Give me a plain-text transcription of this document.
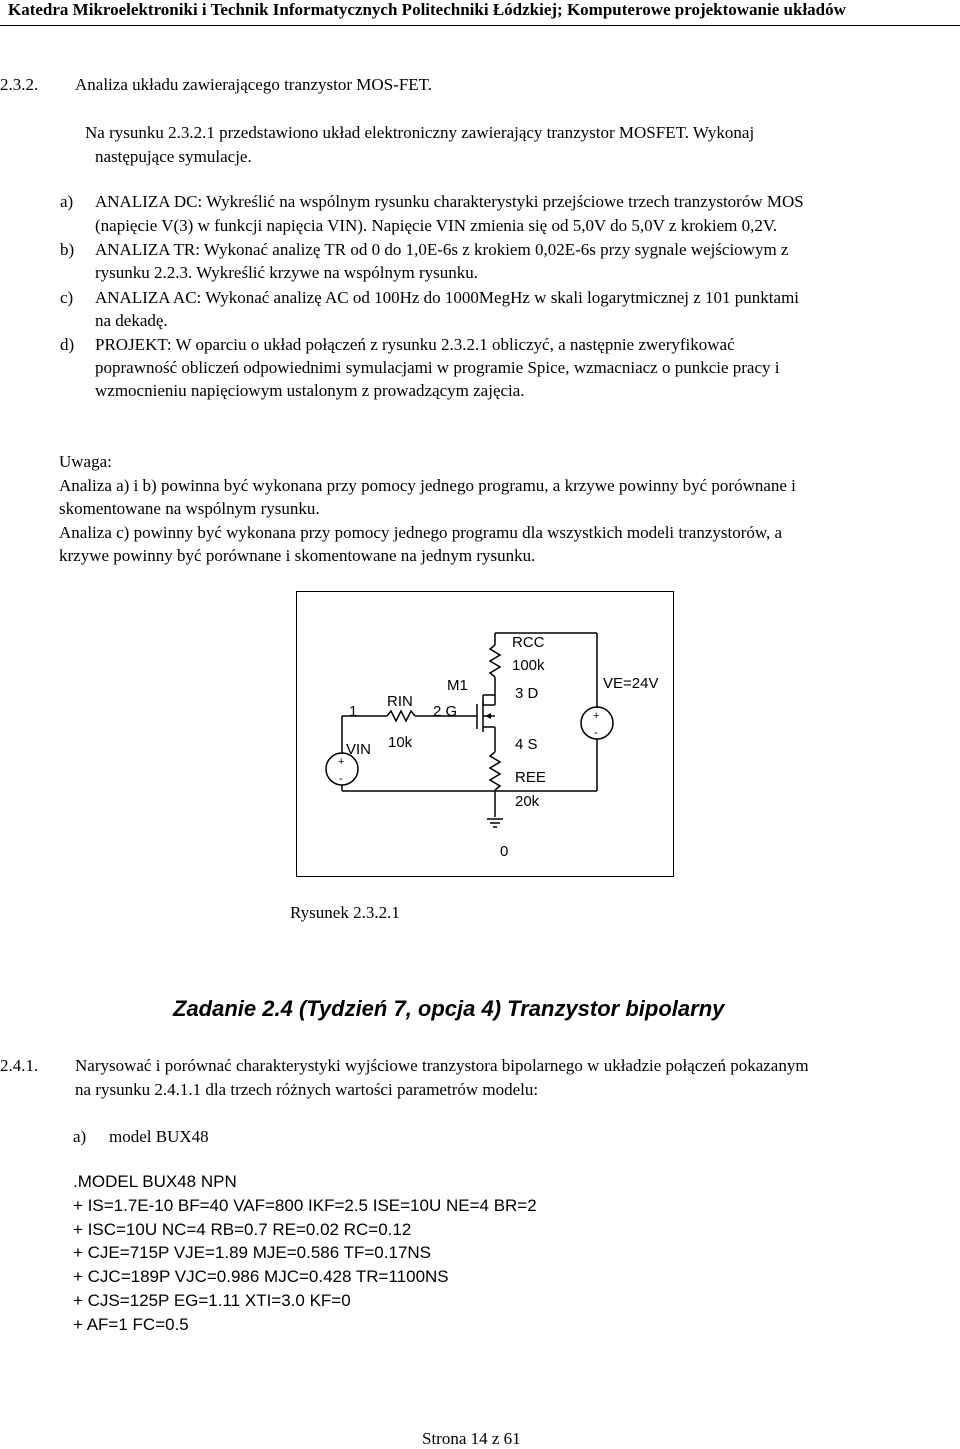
Katedra Mikroelektroniki i Technik Informatycznych Politechniki Łódzkiej; Komputerowe projektowanie układów
2.3.2. Analiza układu zawierającego tranzystor MOS-FET.
Na rysunku 2.3.2.1 przedstawiono układ elektroniczny zawierający tranzystor MOSFET. Wykonaj
następujące symulacje.
a) ANALIZA DC: Wykreślić na wspólnym rysunku charakterystyki przejściowe trzech tranzystorów MOS
(napięcie V(3) w funkcji napięcia VIN). Napięcie VIN zmienia się od 5,0V do 5,0V z krokiem 0,2V.
b) ANALIZA TR: Wykonać analizę TR od 0 do 1,0E-6s z krokiem 0,02E-6s przy sygnale wejściowym z
rysunku 2.2.3. Wykreślić krzywe na wspólnym rysunku.
c) ANALIZA AC: Wykonać analizę AC od 100Hz do 1000MegHz w skali logarytmicznej z 101 punktami
na dekadę.
d) PROJEKT: W oparciu o układ połączeń z rysunku 2.3.2.1 obliczyć, a następnie zweryfikować
poprawność obliczeń odpowiednimi symulacjami w programie Spice, wzmacniacz o punkcie pracy i
wzmocnieniu napięciowym ustalonym z prowadzącym zajęcia.
Uwaga:
Analiza a) i b) powinna być wykonana przy pomocy jednego programu, a krzywe powinny być porównane i
skomentowane na wspólnym rysunku.
Analiza c) powinny być wykonana przy pomocy jednego programu dla wszystkich modeli tranzystorów, a
krzywe powinny być porównane i skomentowane na jednym rysunku.
RCC
100k
M1	3 D
VE=24V
RIN
2 G
1
VIN 10k	4 S
REE
20k
0
+
-
+
-
Rysunek 2.3.2.1
Zadanie 2.4 (Tydzień 7, opcja 4) Tranzystor bipolarny
2.4.1. Narysować i porównać charakterystyki wyjściowe tranzystora bipolarnego w układzie połączeń pokazanym
na rysunku 2.4.1.1 dla trzech różnych wartości parametrów modelu:
a) model BUX48
.MODEL BUX48 NPN
+ IS=1.7E-10 BF=40 VAF=800 IKF=2.5 ISE=10U NE=4 BR=2
+ ISC=10U NC=4 RB=0.7 RE=0.02 RC=0.12
+ CJE=715P VJE=1.89 MJE=0.586 TF=0.17NS
+ CJC=189P VJC=0.986 MJC=0.428 TR=1100NS
+ CJS=125P EG=1.11 XTI=3.0 KF=0
+ AF=1 FC=0.5
Strona 14 z 61
